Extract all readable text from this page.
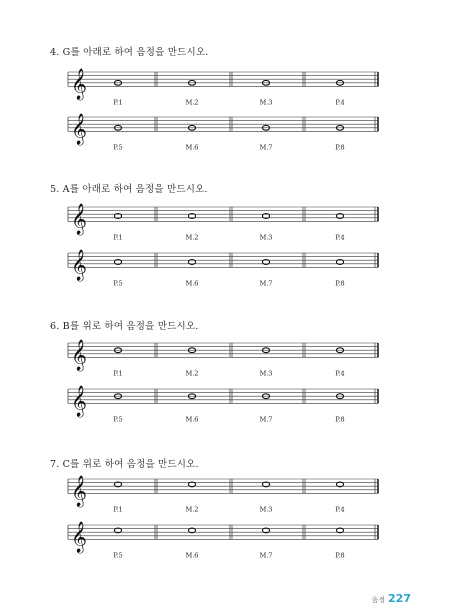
4. G를 아래로 하여 음정을 만드시오.
𝄞
P.1	M.2	M.3	P.4
𝄞
P.5	M.6	M.7	P.8
5. A를 아래로 하여 음정을 만드시오.
𝄞
P.1	M.2	M.3	P.4
𝄞
P.5	M.6	M.7	P.8
6. B를 위로 하여 음정을 만드시오.
𝄞
P.1	M.2	M.3	P.4
𝄞
P.5	M.6	M.7	P.8
7. C를 위로 하여 음정을 만드시오.
𝄞
P.1	M.2	M.3	P.4
𝄞
P.5	M.6	M.7	P.8
음정 227
